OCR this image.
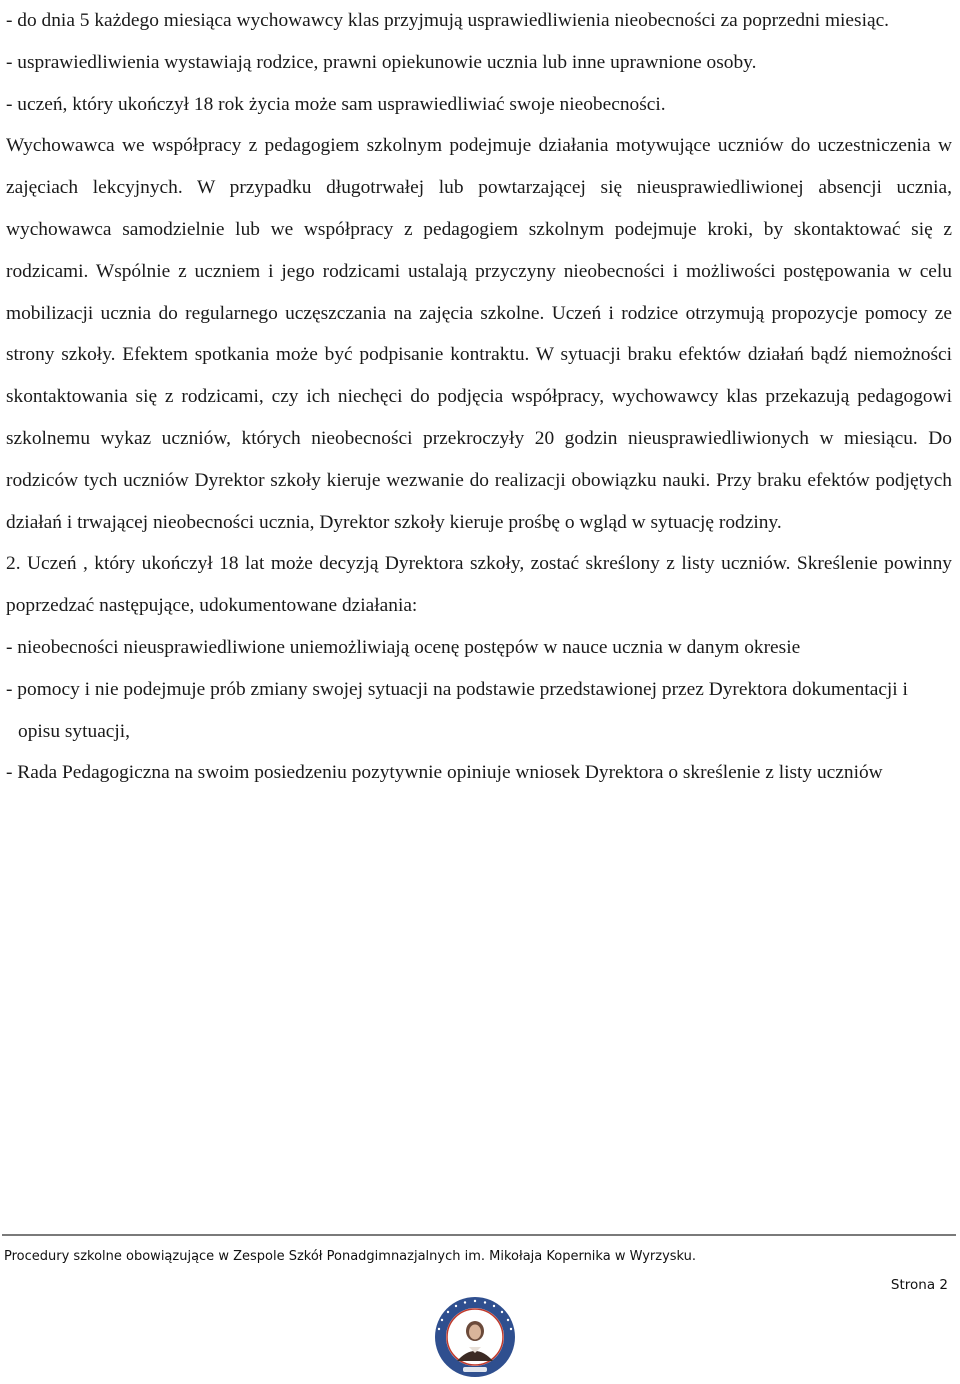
- do dnia 5 każdego miesiąca wychowawcy klas przyjmują usprawiedliwienia nieobecności za poprzedni miesiąc.

- usprawiedliwienia wystawiają rodzice, prawni opiekunowie ucznia lub inne uprawnione osoby.

- uczeń, który ukończył 18 rok życia może sam usprawiedliwiać swoje nieobecności.

Wychowawca we współpracy z pedagogiem szkolnym podejmuje działania motywujące uczniów do uczestniczenia w zajęciach lekcyjnych. W przypadku długotrwałej lub powtarzającej się nieusprawiedliwionej absencji ucznia, wychowawca samodzielnie lub we współpracy z pedagogiem szkolnym podejmuje kroki, by skontaktować się z rodzicami. Wspólnie z uczniem i jego rodzicami ustalają przyczyny nieobecności i możliwości postępowania w celu mobilizacji ucznia do regularnego uczęszczania na zajęcia szkolne. Uczeń i rodzice otrzymują propozycje pomocy ze strony szkoły. Efektem spotkania może być podpisanie kontraktu. W sytuacji braku efektów działań bądź niemożności skontaktowania się z rodzicami, czy ich niechęci do podjęcia współpracy, wychowawcy klas przekazują pedagogowi szkolnemu wykaz uczniów, których nieobecności przekroczyły 20 godzin nieusprawiedliwionych w miesiącu. Do rodziców tych uczniów Dyrektor szkoły kieruje wezwanie do realizacji obowiązku nauki. Przy braku efektów podjętych działań i trwającej nieobecności ucznia, Dyrektor szkoły kieruje prośbę o wgląd w sytuację rodziny.

2. Uczeń , który ukończył 18 lat może decyzją Dyrektora szkoły, zostać skreślony z listy uczniów. Skreślenie powinny poprzedzać następujące, udokumentowane działania:

- nieobecności nieusprawiedliwione uniemożliwiają ocenę postępów w nauce ucznia w danym okresie

- pomocy i nie podejmuje prób zmiany swojej sytuacji na podstawie przedstawionej przez Dyrektora dokumentacji i opisu sytuacji,

- Rada Pedagogiczna na swoim posiedzeniu pozytywnie opiniuje wniosek Dyrektora o skreślenie z listy uczniów

Procedury szkolne obowiązujące w Zespole Szkół Ponadgimnazjalnych im. Mikołaja Kopernika w Wyrzysku.
Strona 2
